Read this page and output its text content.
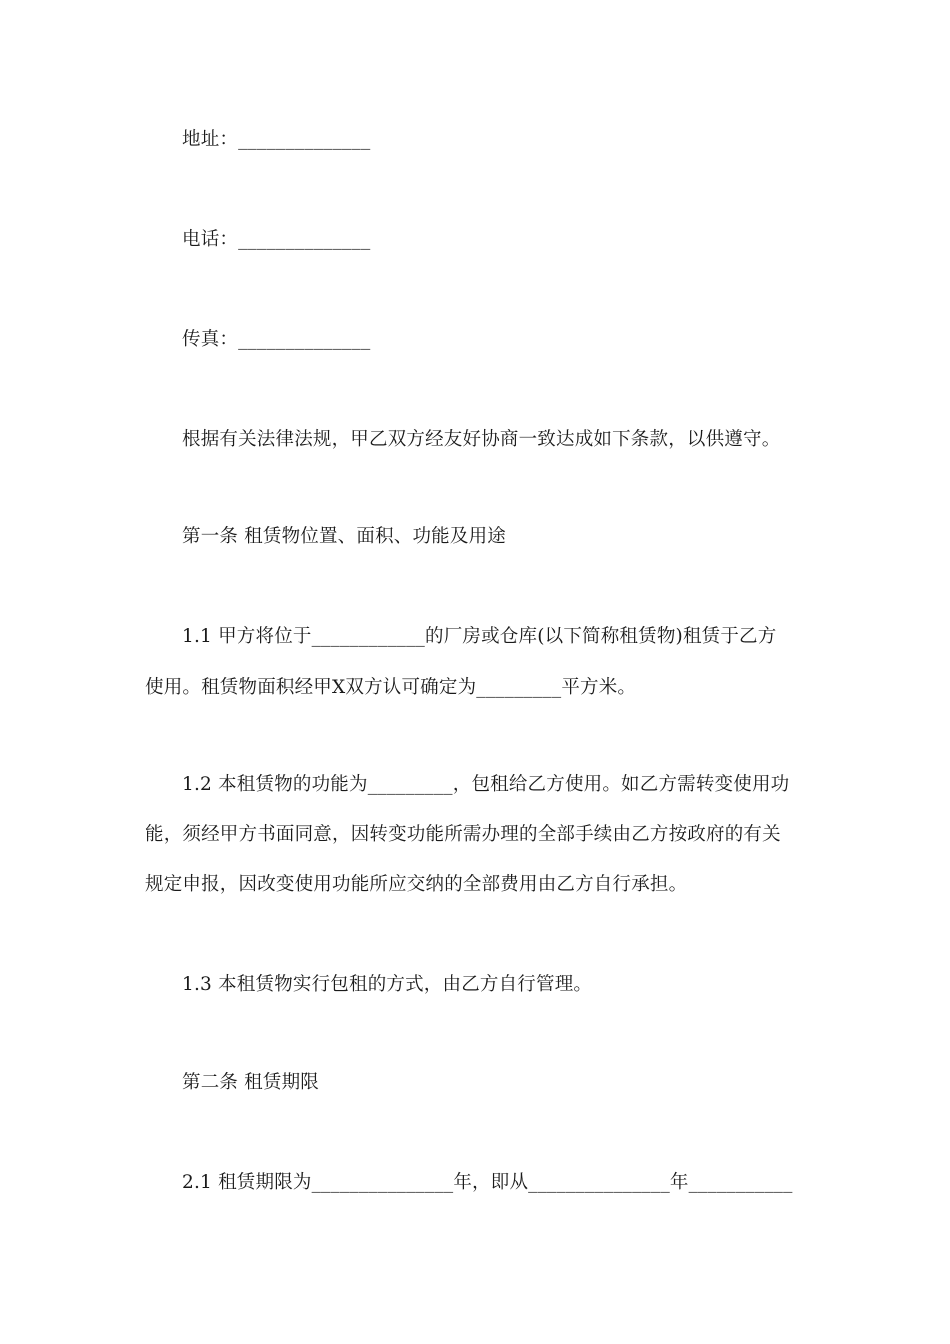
地址：______________
电话：______________
传真：______________
根据有关法律法规，甲乙双方经友好协商一致达成如下条款，以供遵守。
第一条 租赁物位置、面积、功能及用途
1.1 甲方将位于____________的厂房或仓库(以下简称租赁物)租赁于乙方
使用。租赁物面积经甲X双方认可确定为_________平方米。
1.2 本租赁物的功能为_________，包租给乙方使用。如乙方需转变使用功
能，须经甲方书面同意，因转变功能所需办理的全部手续由乙方按政府的有关
规定申报，因改变使用功能所应交纳的全部费用由乙方自行承担。
1.3 本租赁物实行包租的方式，由乙方自行管理。
第二条 租赁期限
2.1 租赁期限为_______________年，即从_______________年___________
